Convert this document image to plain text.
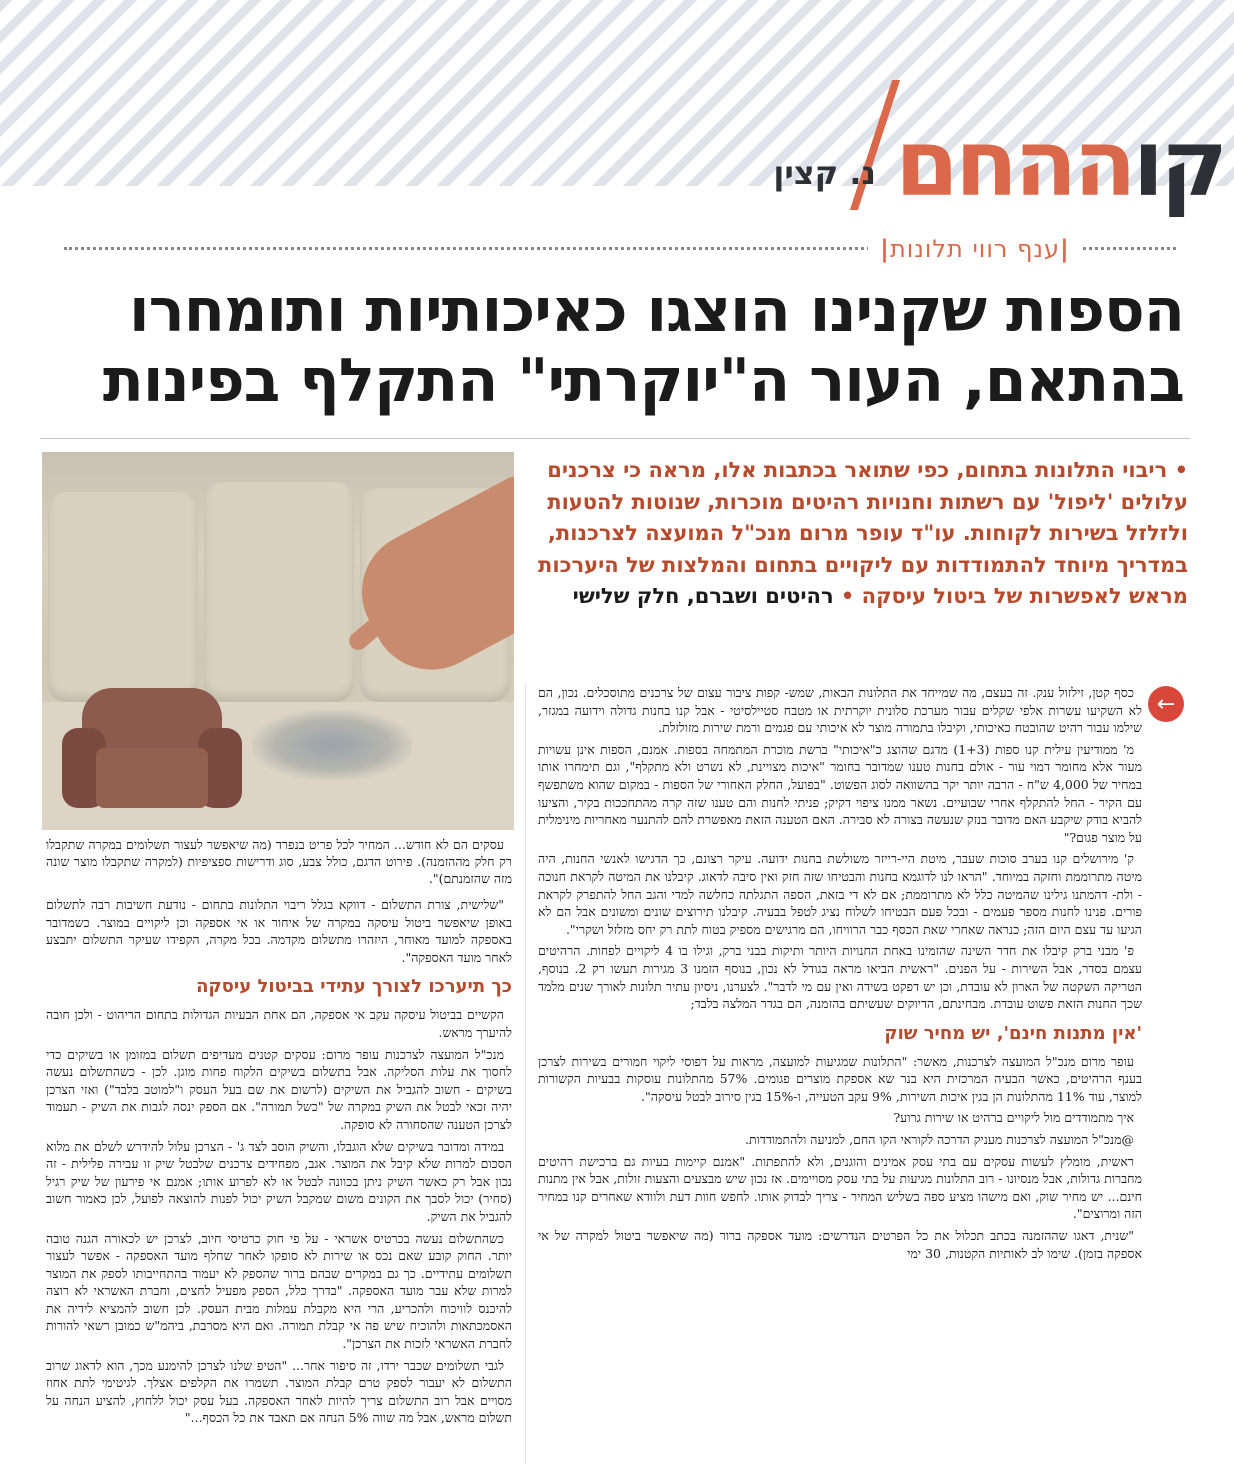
ק
ו
ההחם
נ. קצין
|ענף רווי תלונות|
הספות שקנינו הוצגו כאיכותיות ותומחרו
בהתאם, העור ה"יוקרתי" התקלף בפינות

עסקים הם לא חודש... המחיר לכל פריט בנפרד (מה שיאפשר לעצור תשלומים במקרה שתקבלו רק חלק מההזמנה). פירוט הדגם, כולל צבע, סוג ודרישות ספציפיות (למקרה שתקבלו מוצר שונה מזה שהזמנתם)".

• ריבוי התלונות בתחום, כפי שתואר בכתבות אלו, מראה כי צרכנים עלולים 'ליפול' עם רשתות וחנויות רהיטים מוכרות, שנוטות להטעות ולזלזל בשירות לקוחות. עו"ד עופר מרום מנכ"ל המועצה לצרכנות, במדריך מיוחד להתמודדות עם ליקויים בתחום והמלצות של היערכות מראש לאפשרות של ביטול עיסקה • רהיטים ושברם, חלק שלישי
←

כסף קטן, זילזול ענק. זה בעצם, מה שמייחד את התלונות הבאות, שמש- קפות ציבור עצום של צרכנים מתוסכלים. נכון, הם לא השקיעו עשרות אלפי שקלים עבור מערכת סלונית יוקרתית או מטבח סטיילסיטי - אבל קנו בחנות גדולה וידועה במגזר, שילמו עבור רהיט שהובטח כאיכותי, וקיבלו בתמורה מוצר לא איכותי עם פגמים ורמת שירות מזולזלת.

מ' ממודיעין עילית קנו ספות (1+3) מדגם שהוצג כ"איכותי" ברשת מוכרת המתמחה בספות. אמנם, הספות אינן עשויות מעור אלא מחומר דמוי עור - אולם בחנות טענו שמדובר בחומר "איכות מצויינת, לא נשרט ולא מתקלף", וגם תימחרו אותו במחיר של 4,000 ש"ח - הרבה יותר יקר בהשוואה לסוג הפשוט. "בפועל, החלק האחורי של הספות - במקום שהוא משתפשף עם הקיר - החל להתקלף אחרי שבועיים. נשאר ממנו ציפוי דקיק; פניתי לחנות והם טענו שזה קרה מהתחככות בקיר, והציעו להביא בודק שיקבע האם מדובר בנזק שנעשה בצורה לא סבירה. האם הטענה הזאת מאפשרת להם להתנער מאחריות מינימלית על מוצר פגום?"

ק' מירושלים קנו בערב סוכות שעבר, מיטת היי-רייזר משולשת בחנות ידועה. עיקר רצונם, כך הדגישו לאנשי החנות, היה מיטה מתרוממת וחזקה במיוחד. "הראו לנו לדוגמא בחנות והבטיחו שזה חזק ואין סיבה לדאוג. קיבלנו את המיטה לקראת חנוכה - ולת- דהמתנו גילינו שהמיטה כלל לא מתרוממת; אם לא די בזאת, הספה התגלתה כחלשה למדי והגב החל להתפרק לקראת פורים. פנינו לחנות מספר פעמים - ובכל פעם הבטיחו לשלוח נציג לטפל בבעיה. קיבלנו תירוצים שונים ומשונים אבל הם לא הגיעו עד עצם היום הזה; כנראה שאחרי שאת הכסף כבר הרוויחו, הם מרגישים מספיק בטוח לתת רק יחס מזלזל ושקרי".

פ' מבני ברק קיבלו את חדר השינה שהזמינו באחת החנויות היותר ותיקות בבני ברק, וגילו בו 4 ליקויים לפחות. הרהיטים עצמם בסדר, אבל השירות - על הפנים. "ראשית הביאו מראה בגודל לא נכון, בנוסף הזמנו 3 מגירות תעשו רק 2. בנוסף, הטריקה השקטה של הארון לא עובדת, וכן יש דפקט בשידה ואין עם מי לדבר". לצערנו, ניסיון עתיר תלונות לאורך שנים מלמד שכך החנות הזאת פשוט עובדת. מבחינתם, הדיוקים שעשיתם בהזמנה, הם בגדר המלצה בלבד;

'אין מתנות חינם', יש מחיר שוק

עופר מרום מנכ"ל המועצה לצרכנות, מאשר: "התלונות שמגיעות למועצה, מראות על דפוסי ליקוי חמורים בשירות לצרכן בענף הרהיטים, כאשר הבעיה המרכזית היא בנר שא אספקת מוצרים פגומים. 57% מהתלונות עוסקות בבעיות הקשורות למוצר, עוד 11% מהתלונות הן בגין איכות השירות, 9% עקב הטעייה, ו-15% בגין סירוב לבטל עיסקה".

איך מתמודדים מול ליקויים ברהיט או שירות גרוע?

@מנכ"ל המועצה לצרכנות מעניק הדרכה לקוראי הקו החם, למניעה ולהתמודדות.

ראשית, מומלץ לעשות עסקים עם בתי עסק אמינים והוגנים, ולא להתפתות. "אמנם קיימות בעיות גם ברכישת רהיטים מחברות גדולות, אבל מנסיונו - רוב התלונות מגיעות על בתי עסק מסויימים. אז נכון שיש מבצעים והצעות זולות, אבל אין מתנות חינם... יש מחיר שוק, ואם מישהו מציע ספה בשליש המחיר - צריך לבדוק אותו. לחפש חוות דעת ולוודא שאחרים קנו במחיר הזה ומרוצים".

"שנית, דאגו שההזמנה בכתב תכלול את כל הפרטים הנדרשים: מועד אספקה ברור (מה שיאפשר ביטול למקרה של אי אספקה בזמן). שימו לב לאותיות הקטנות, 30 ימי

"שלישית, צורת התשלום - דווקא בגלל ריבוי התלונות בתחום - נודעת חשיבות רבה לתשלום באופן שיאפשר ביטול עיסקה במקרה של איחור או אי אספקה וכן ליקויים במוצר. כשמדובר באספקה למועד מאוחר, היזהרו מתשלום מקדמה. בכל מקרה, הקפידו שעיקר התשלום יתבצע לאחר מועד האספקה".

כך תיערכו לצורך עתידי בביטול עיסקה

הקשיים בביטול עיסקה עקב אי אספקה, הם אחת הבעיות הגדולות בתחום הריהוט - ולכן חובה להיערך מראש.

מנכ"ל המועצה לצרכנות עופר מרום: עסקים קטנים מעדיפים תשלום במזומן או בשיקים כדי לחסוך את עלות הסליקה. אבל בתשלום בשיקים הלקוח פחות מוגן. לכן - כשהתשלום נעשה בשיקים - חשוב להגביל את השיקים (לרשום את שם בעל העסק ו"למוטב בלבד") ואזי הצרכן יהיה זכאי לבטל את השיק במקרה של "כשל תמורה". אם הספק ינסה לגבות את השיק - תעמוד לצרכן הטענה שהסחורה לא סופקה.

במידה ומדובר בשיקים שלא הוגבלו, והשיק הוסב לצד ג' - הצרכן עלול להידרש לשלם את מלוא הסכום למרות שלא קיבל את המוצר. אגב, מפחידים צרכנים שלבטל שיק זו עבירה פלילית - זה נכון אבל רק כאשר השיק ניתן בכוונה לבטל או לא לפרוע אותו; אמנם אי פירעון של שיק רגיל (סחיר) יכול לסבך את הקונים משום שמקבל השיק יכול לפנות להוצאה לפועל, לכן כאמור חשוב להגביל את השיק.

כשהתשלום נעשה בכרטיס אשראי - על פי חוק כרטיסי חיוב, לצרכן יש לכאורה הגנה טובה יותר. החוק קובע שאם נכס או שירות לא סופקו לאחר שחלף מועד האספקה - אפשר לעצור תשלומים עתידיים. כך גם במקרים שבהם ברור שהספק לא יעמוד בהתחייבותו לספק את המוצר למרות שלא עבר מועד האספקה. "בדרך כלל, הספק מפעיל לחצים, וחברת האשראי לא רוצה להיכנס לוויכוח ולהכריע, הרי היא מקבלת עמלות מבית העסק. לכן חשוב להמציא לידיה את האסמכתאות ולהוכיח שיש פה אי קבלת תמורה. ואם היא מסרבת, ביהמ"ש כמובן רשאי להורות לחברת האשראי לזכות את הצרכן".

לגבי תשלומים שכבר ירדו, זה סיפור אחר... "הטיפ שלנו לצרכן להימנע מכך, הוא לדאוג שרוב התשלום לא יעבור לספק טרם קבלת המוצר. תשמרו את הקלפים אצלך. לגיטימי לתת אחוז מסויים אבל רוב התשלום צריך להיות לאחר האספקה. בעל עסק יכול ללחוץ, להציע הנחה על תשלום מראש, אבל מה שווה 5% הנחה אם תאבד את כל הכסף..."
